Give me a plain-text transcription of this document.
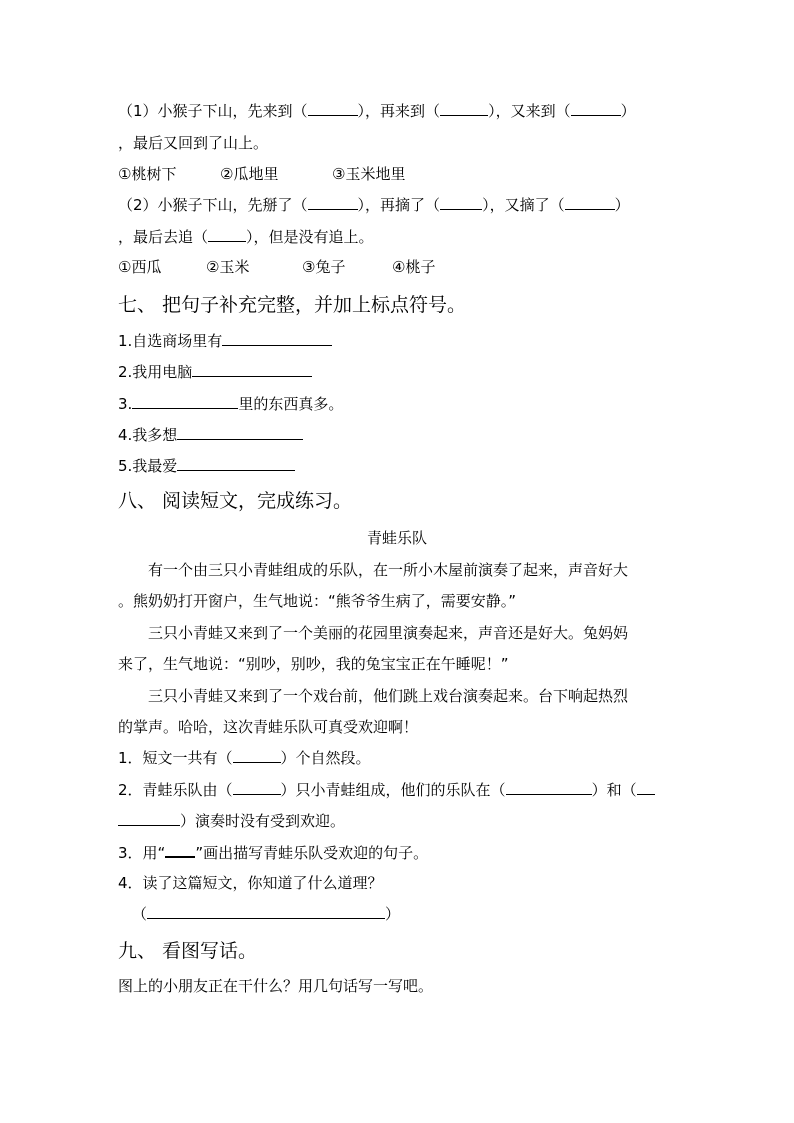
（1）小猴子下山，先来到（	），再来到（	），又来到（	）

，最后又回到了山上。

①桃树下	②瓜地里	③玉米地里

（2）小猴子下山，先掰了（	），再摘了（	），又摘了（	）

，最后去追（	），但是没有追上。

①西瓜	②玉米	③兔子	④桃子

七、 把句子补充完整，并加上标点符号。

1.自选商场里有

2.我用电脑

3.	里的东西真多。

4.我多想

5.我最爱

八、 阅读短文，完成练习。

青蛙乐队

有一个由三只小青蛙组成的乐队，在一所小木屋前演奏了起来，声音好大

。熊奶奶打开窗户，生气地说：“熊爷爷生病了，需要安静。”

三只小青蛙又来到了一个美丽的花园里演奏起来，声音还是好大。兔妈妈

来了，生气地说：“别吵，别吵，我的兔宝宝正在午睡呢！”

三只小青蛙又来到了一个戏台前，他们跳上戏台演奏起来。台下响起热烈

的掌声。哈哈，这次青蛙乐队可真受欢迎啊！

1．短文一共有（	）个自然段。

2．青蛙乐队由（	）只小青蛙组成，他们的乐队在（	）和（

）演奏时没有受到欢迎。

3．用“ ”画出描写青蛙乐队受欢迎的句子。

4．读了这篇短文，你知道了什么道理？

（	）

九、 看图写话。

图上的小朋友正在干什么？用几句话写一写吧。
